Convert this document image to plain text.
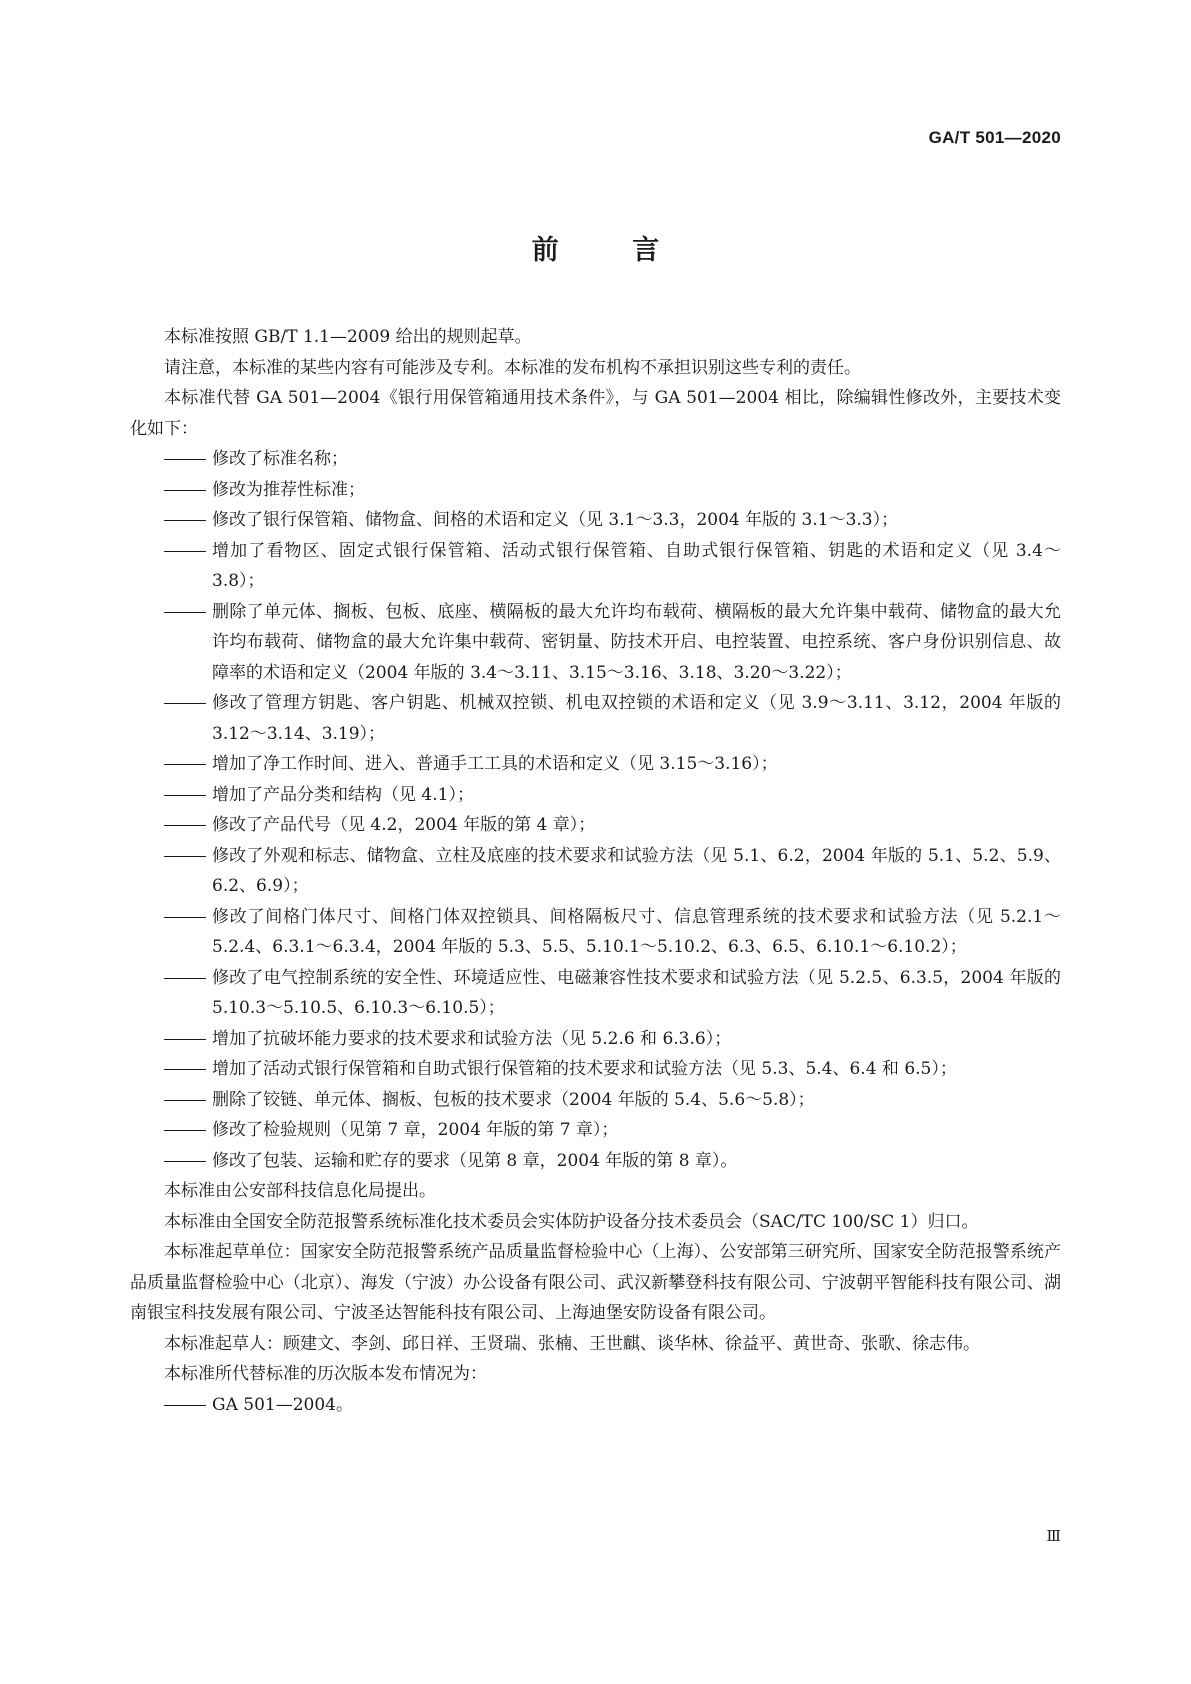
GA/T 501—2020
前 言

本标准按照 GB/T 1.1—2009 给出的规则起草。

请注意，本标准的某些内容有可能涉及专利。本标准的发布机构不承担识别这些专利的责任。

本标准代替 GA 501—2004《银行用保管箱通用技术条件》，与 GA 501—2004 相比，除编辑性修改外，主要技术变化如下：

修改了标准名称；

修改为推荐性标准；

修改了银行保管箱、储物盒、间格的术语和定义（见 3.1～3.3，2004 年版的 3.1～3.3）；

增加了看物区、固定式银行保管箱、活动式银行保管箱、自助式银行保管箱、钥匙的术语和定义（见 3.4～3.8）；

删除了单元体、搁板、包板、底座、横隔板的最大允许均布载荷、横隔板的最大允许集中载荷、储物盒的最大允许均布载荷、储物盒的最大允许集中载荷、密钥量、防技术开启、电控装置、电控系统、客户身份识别信息、故障率的术语和定义（2004 年版的 3.4～3.11、3.15～3.16、3.18、3.20～3.22）；

修改了管理方钥匙、客户钥匙、机械双控锁、机电双控锁的术语和定义（见 3.9～3.11、3.12，2004 年版的 3.12～3.14、3.19）；

增加了净工作时间、进入、普通手工工具的术语和定义（见 3.15～3.16）；

增加了产品分类和结构（见 4.1）；

修改了产品代号（见 4.2，2004 年版的第 4 章）；

修改了外观和标志、储物盒、立柱及底座的技术要求和试验方法（见 5.1、6.2，2004 年版的 5.1、5.2、5.9、6.2、6.9）；

修改了间格门体尺寸、间格门体双控锁具、间格隔板尺寸、信息管理系统的技术要求和试验方法（见 5.2.1～5.2.4、6.3.1～6.3.4，2004 年版的 5.3、5.5、5.10.1～5.10.2、6.3、6.5、6.10.1～6.10.2）；

修改了电气控制系统的安全性、环境适应性、电磁兼容性技术要求和试验方法（见 5.2.5、6.3.5，2004 年版的 5.10.3～5.10.5、6.10.3～6.10.5）；

增加了抗破坏能力要求的技术要求和试验方法（见 5.2.6 和 6.3.6）；

增加了活动式银行保管箱和自助式银行保管箱的技术要求和试验方法（见 5.3、5.4、6.4 和 6.5）；

删除了铰链、单元体、搁板、包板的技术要求（2004 年版的 5.4、5.6～5.8）；

修改了检验规则（见第 7 章，2004 年版的第 7 章）；

修改了包装、运输和贮存的要求（见第 8 章，2004 年版的第 8 章）。

本标准由公安部科技信息化局提出。

本标准由全国安全防范报警系统标准化技术委员会实体防护设备分技术委员会（SAC/TC 100/SC 1）归口。

本标准起草单位：国家安全防范报警系统产品质量监督检验中心（上海）、公安部第三研究所、国家安全防范报警系统产品质量监督检验中心（北京）、海发（宁波）办公设备有限公司、武汉新攀登科技有限公司、宁波朝平智能科技有限公司、湖南银宝科技发展有限公司、宁波圣达智能科技有限公司、上海迪堡安防设备有限公司。

本标准起草人：顾建文、李剑、邱日祥、王贤瑞、张楠、王世麒、谈华林、徐益平、黄世奇、张歌、徐志伟。

本标准所代替标准的历次版本发布情况为：

GA 501—2004。

Ⅲ
